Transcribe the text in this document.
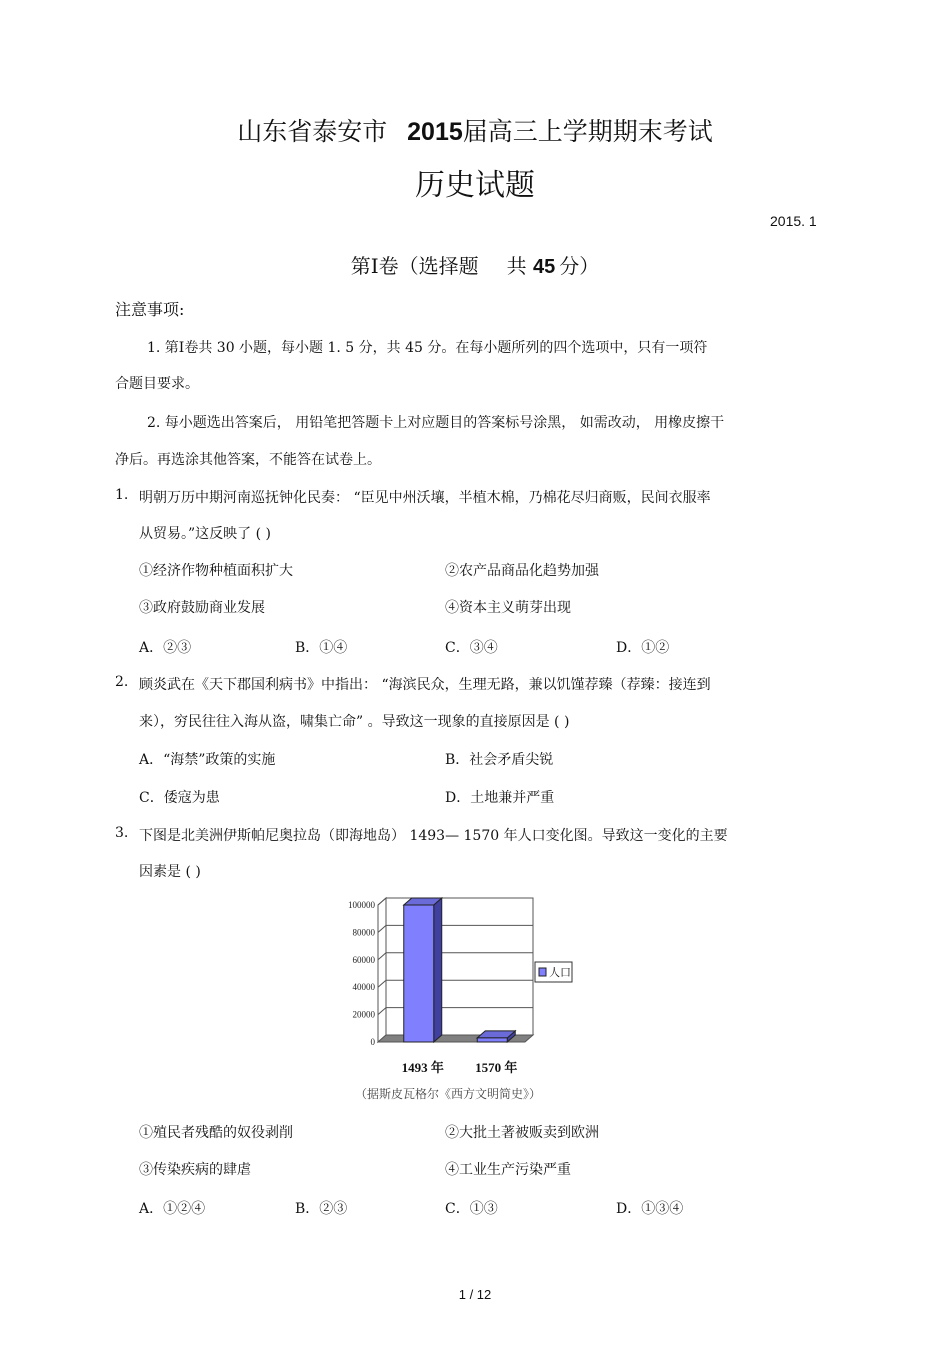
山东省泰安市 2015届高三上学期期末考试
历史试题
2015. 1
第Ⅰ卷（选择题 共 45 分）
注意事项:
1. 第Ⅰ卷共 30 小题，每小题 1. 5 分，共 45 分。在每小题所列的四个选项中，只有一项符
合题目要求。
2. 每小题选出答案后， 用铅笔把答题卡上对应题目的答案标号涂黑， 如需改动， 用橡皮擦干
净后。再选涂其他答案，不能答在试卷上。
1. 明朝万历中期河南巡抚钟化民奏： “臣见中州沃壤，半植木棉，乃棉花尽归商贩，民间衣服率
从贸易。”这反映了 ( )
①经济作物种植面积扩大	②农产品商品化趋势加强
③政府鼓励商业发展	④资本主义萌芽出现
A．②③	B．①④	C．③④	D．①②
2. 顾炎武在《天下郡国利病书》中指出： “海滨民众，生理无路，兼以饥馑荐臻（荐臻：接连到
来），穷民往往入海从盗，啸集亡命” 。导致这一现象的直接原因是 ( )
A．“海禁”政策的实施	B．社会矛盾尖锐
C．倭寇为患	D．土地兼并严重
3. 下图是北美洲伊斯帕尼奥拉岛（即海地岛） 1493— 1570 年人口变化图。导致这一变化的主要
因素是 ( )
0
20000
40000
60000
80000
100000
1493 年 1570 年
人口
（据斯皮瓦格尔《西方文明简史》）
①殖民者残酷的奴役剥削	②大批土著被贩卖到欧洲
③传染疾病的肆虐	④工业生产污染严重
A．①②④	B．②③	C．①③	D．①③④
1 / 12
